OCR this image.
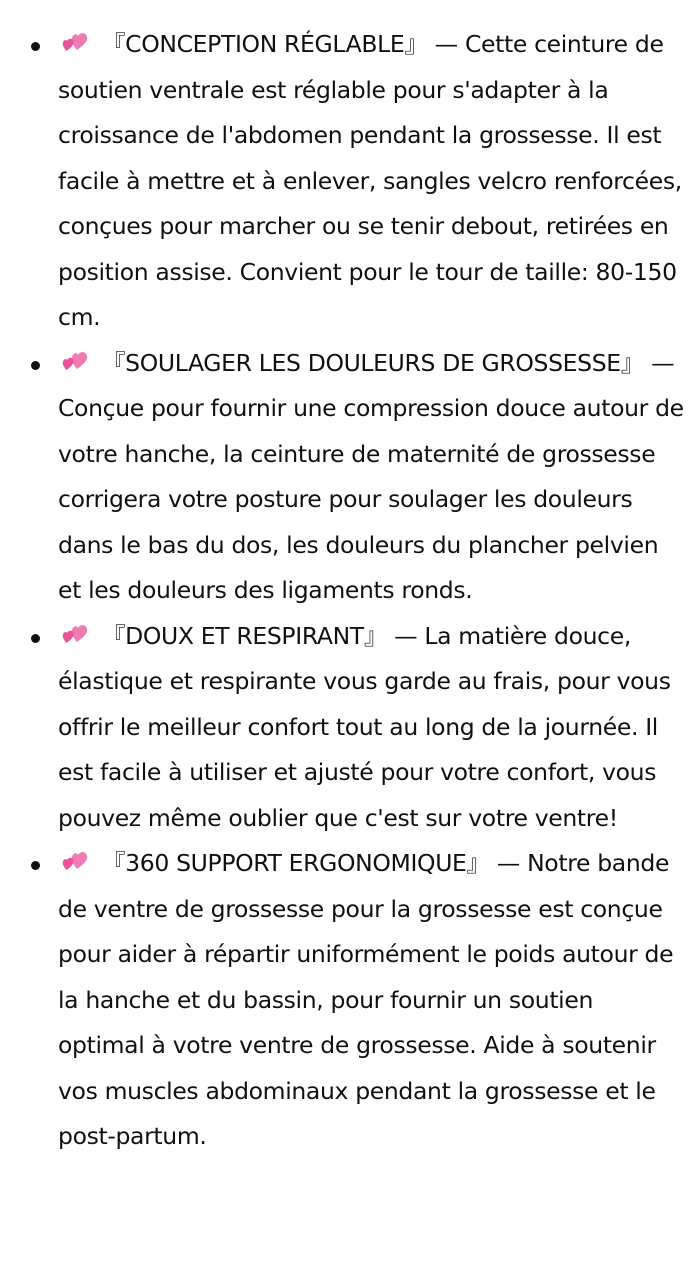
『CONCEPTION RÉGLABLE』 — Cette ceinture de soutien ventrale est réglable pour s'adapter à la croissance de l'abdomen pendant la grossesse. Il est facile à mettre et à enlever, sangles velcro renforcées, conçues pour marcher ou se tenir debout, retirées en position assise. Convient pour le tour de taille: 80-150 cm.
『SOULAGER LES DOULEURS DE GROSSESSE』 — Conçue pour fournir une compression douce autour de votre hanche, la ceinture de maternité de grossesse corrigera votre posture pour soulager les douleurs dans le bas du dos, les douleurs du plancher pelvien et les douleurs des ligaments ronds.
『DOUX ET RESPIRANT』 — La matière douce, élastique et respirante vous garde au frais, pour vous offrir le meilleur confort tout au long de la journée. Il est facile à utiliser et ajusté pour votre confort, vous pouvez même oublier que c'est sur votre ventre!
『360 SUPPORT ERGONOMIQUE』 — Notre bande de ventre de grossesse pour la grossesse est conçue pour aider à répartir uniformément le poids autour de la hanche et du bassin, pour fournir un soutien optimal à votre ventre de grossesse. Aide à soutenir vos muscles abdominaux pendant la grossesse et le post-partum.
